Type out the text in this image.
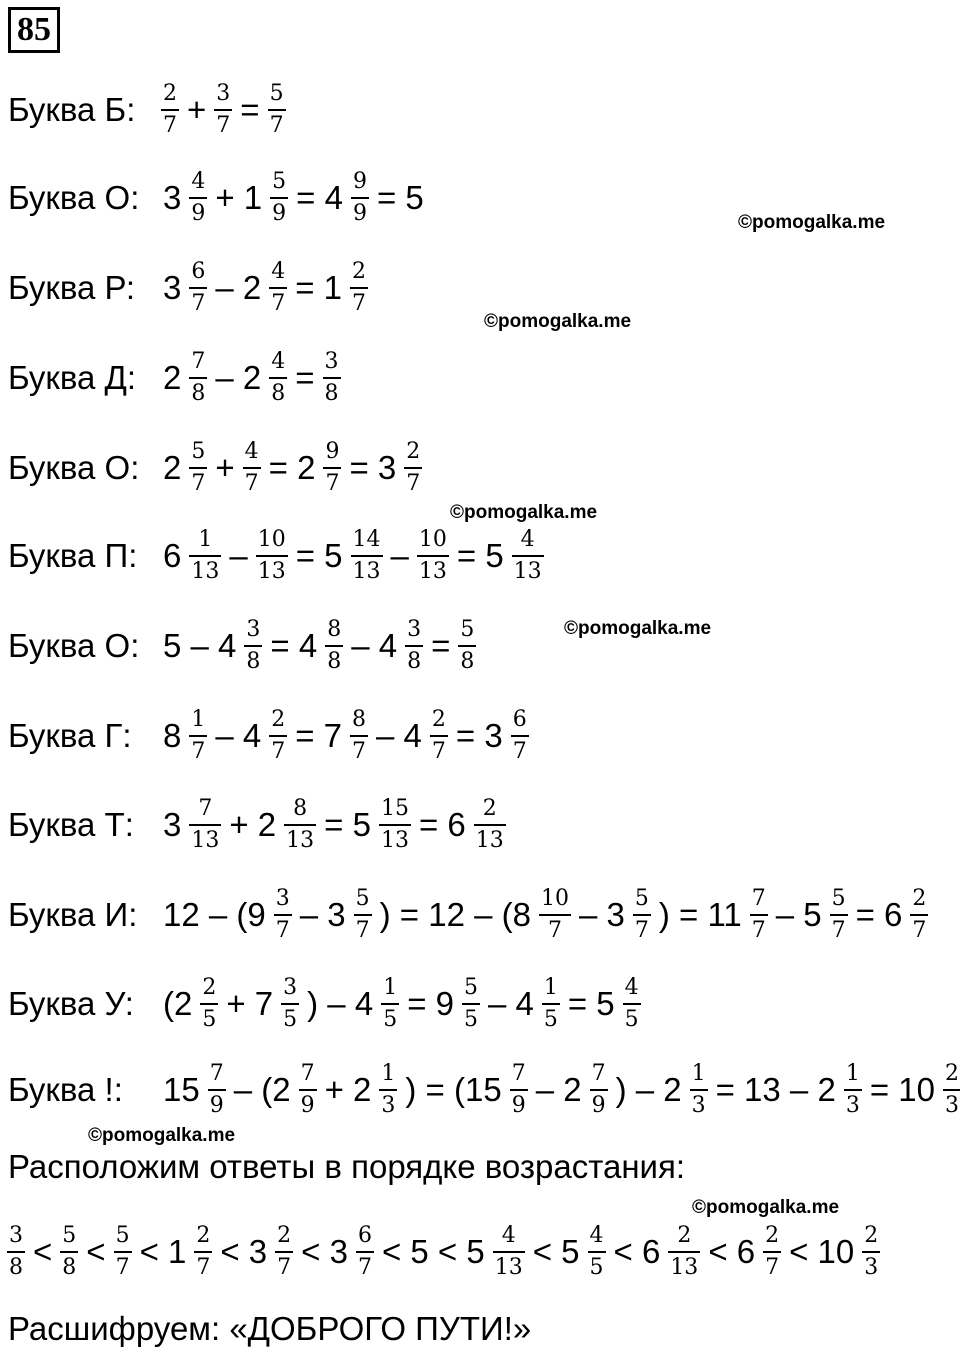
85
Буква Б:	$\frac{2}{7} + \frac{3}{7} = \frac{5}{7}$
Буква О: $3 \frac{4}{9} + 1 \frac{5}{9} = 4 \frac{9}{9} = 5$
Буква Р: $3 \frac{6}{7} - 2 \frac{4}{7} = 1 \frac{2}{7}$
Буква Д: $2 \frac{7}{8} - 2 \frac{4}{8} = \frac{3}{8}$
Буква О: $2 \frac{5}{7} + \frac{4}{7} = 2 \frac{9}{7} = 3 \frac{2}{7}$
Буква П: $6 \frac{1}{13} - \frac{10}{13} = 5 \frac{14}{13} - \frac{10}{13} = 5 \frac{4}{13}$
Буква О: $5 - 4 \frac{3}{8} = 4 \frac{8}{8} - 4 \frac{3}{8} = \frac{5}{8}$
Буква Г: $8 \frac{1}{7} - 4 \frac{2}{7} = 7 \frac{8}{7} - 4 \frac{2}{7} = 3 \frac{6}{7}$
Буква Т: $3 \frac{7}{13} + 2 \frac{8}{13} = 5 \frac{15}{13} = 6 \frac{2}{13}$
Буква И: $12 - (9 \frac{3}{7} - 3 \frac{5}{7}$ ) = $12 - (8 \frac{10}{7} - 3 \frac{5}{7}$ ) = $11 \frac{7}{7} - 5 \frac{5}{7} = 6 \frac{2}{7}$
Буква У: ($2 \frac{2}{5} + 7 \frac{3}{5}$ ) – $4 \frac{1}{5} = 9 \frac{5}{5} - 4 \frac{1}{5} = 5 \frac{4}{5}$
Буква !:	$15 \frac{7}{9} - (2 \frac{7}{9} + 2 \frac{1}{3}$ ) = ($15 \frac{7}{9} - 2 \frac{7}{9}$ ) – $2 \frac{1}{3} = 13 - 2 \frac{1}{3} = 10 \frac{2}{3}$
Расположим ответы в порядке возрастания:
$\frac{3}{8} < \frac{5}{8} < \frac{5}{7} < 1 \frac{2}{7} < 3 \frac{2}{7} < 3 \frac{6}{7} < 5 < 5 \frac{4}{13} < 5 \frac{4}{5} < 6 \frac{2}{13} < 6 \frac{2}{7} < 10 \frac{2}{3}$
Расшифруем: «ДОБРОГО ПУТИ!»
©pomogalka.me
©pomogalka.me
©pomogalka.me
©pomogalka.me
©pomogalka.me
©pomogalka.me
